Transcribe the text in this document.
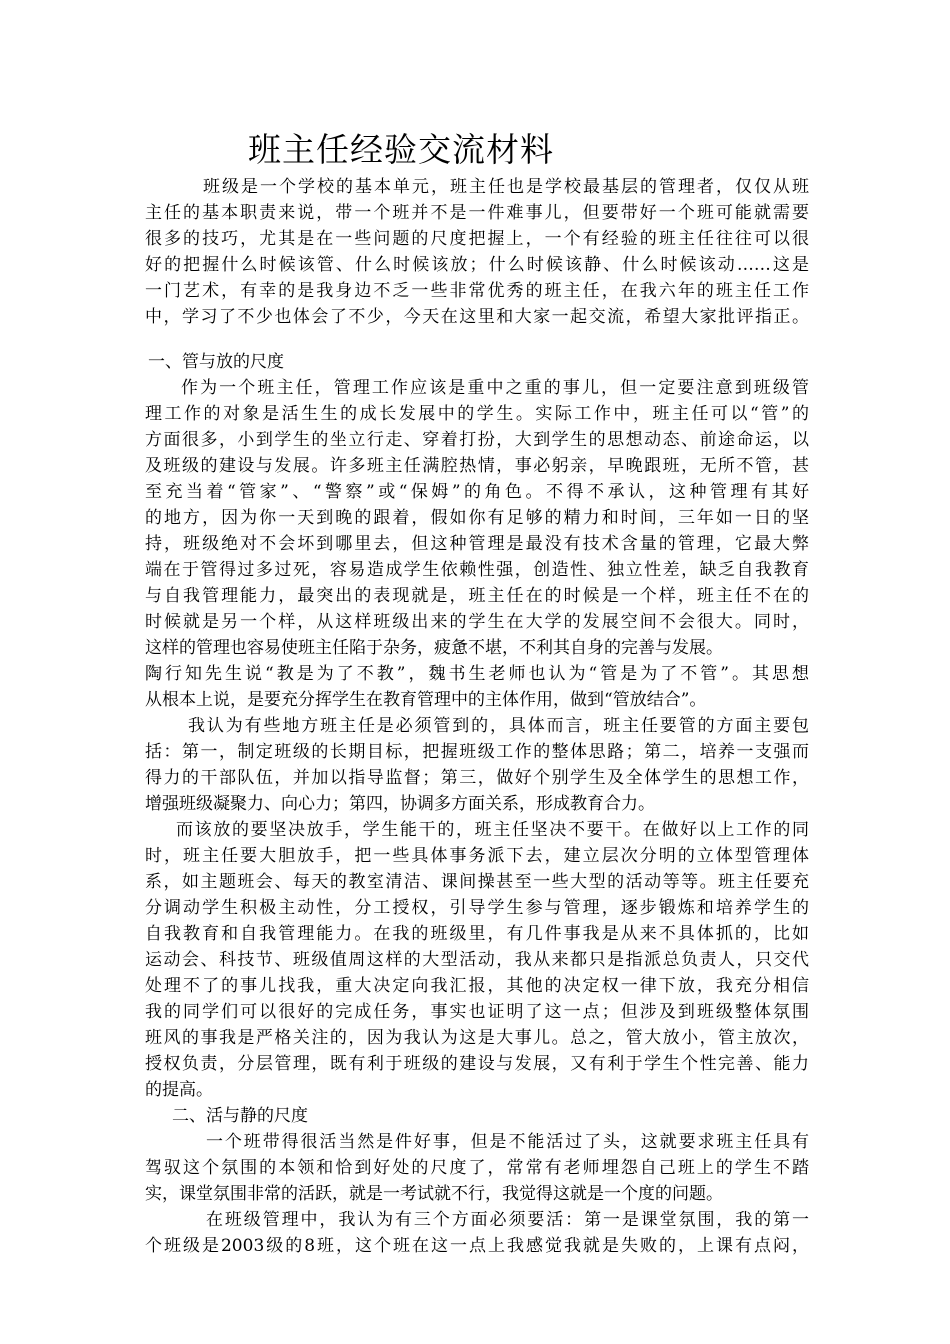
班主任经验交流材料
班级是一个学校的基本单元，班主任也是学校最基层的管理者，仅仅从班
主任的基本职责来说，带一个班并不是一件难事儿，但要带好一个班可能就需要
很多的技巧，尤其是在一些问题的尺度把握上，一个有经验的班主任往往可以很
好的把握什么时候该管、什么时候该放；什么时候该静、什么时候该动……这是
一门艺术，有幸的是我身边不乏一些非常优秀的班主任，在我六年的班主任工作
中，学习了不少也体会了不少，今天在这里和大家一起交流，希望大家批评指正。
一、管与放的尺度
作为一个班主任，管理工作应该是重中之重的事儿，但一定要注意到班级管
理工作的对象是活生生的成长发展中的学生。实际工作中，班主任可以“管”的
方面很多，小到学生的坐立行走、穿着打扮，大到学生的思想动态、前途命运，以
及班级的建设与发展。许多班主任满腔热情，事必躬亲，早晚跟班，无所不管，甚
至充当着“管家”、“警察”或“保姆”的角色。不得不承认，这种管理有其好
的地方，因为你一天到晚的跟着，假如你有足够的精力和时间，三年如一日的坚
持，班级绝对不会坏到哪里去，但这种管理是最没有技术含量的管理，它最大弊
端在于管得过多过死，容易造成学生依赖性强，创造性、独立性差，缺乏自我教育
与自我管理能力，最突出的表现就是，班主任在的时候是一个样，班主任不在的
时候就是另一个样，从这样班级出来的学生在大学的发展空间不会很大。同时，
这样的管理也容易使班主任陷于杂务，疲惫不堪，不利其自身的完善与发展。
陶行知先生说“教是为了不教”，魏书生老师也认为“管是为了不管”。其思想
从根本上说，是要充分挥学生在教育管理中的主体作用，做到“管放结合”。
我认为有些地方班主任是必须管到的，具体而言，班主任要管的方面主要包
括：第一，制定班级的长期目标，把握班级工作的整体思路；第二，培养一支强而
得力的干部队伍，并加以指导监督；第三，做好个别学生及全体学生的思想工作，
增强班级凝聚力、向心力；第四，协调多方面关系，形成教育合力。
而该放的要坚决放手，学生能干的，班主任坚决不要干。在做好以上工作的同
时，班主任要大胆放手，把一些具体事务派下去，建立层次分明的立体型管理体
系，如主题班会、每天的教室清洁、课间操甚至一些大型的活动等等。班主任要充
分调动学生积极主动性，分工授权，引导学生参与管理，逐步锻炼和培养学生的
自我教育和自我管理能力。在我的班级里，有几件事我是从来不具体抓的，比如
运动会、科技节、班级值周这样的大型活动，我从来都只是指派总负责人，只交代
处理不了的事儿找我，重大决定向我汇报，其他的决定权一律下放，我充分相信
我的同学们可以很好的完成任务，事实也证明了这一点；但涉及到班级整体氛围
班风的事我是严格关注的，因为我认为这是大事儿。总之，管大放小，管主放次，
授权负责，分层管理，既有利于班级的建设与发展，又有利于学生个性完善、能力
的提高。
二、活与静的尺度
一个班带得很活当然是件好事，但是不能活过了头，这就要求班主任具有
驾驭这个氛围的本领和恰到好处的尺度了，常常有老师埋怨自己班上的学生不踏
实，课堂氛围非常的活跃，就是一考试就不行，我觉得这就是一个度的问题。
在班级管理中，我认为有三个方面必须要活：第一是课堂氛围，我的第一
个班级是2003级的8班，这个班在这一点上我感觉我就是失败的，上课有点闷，
